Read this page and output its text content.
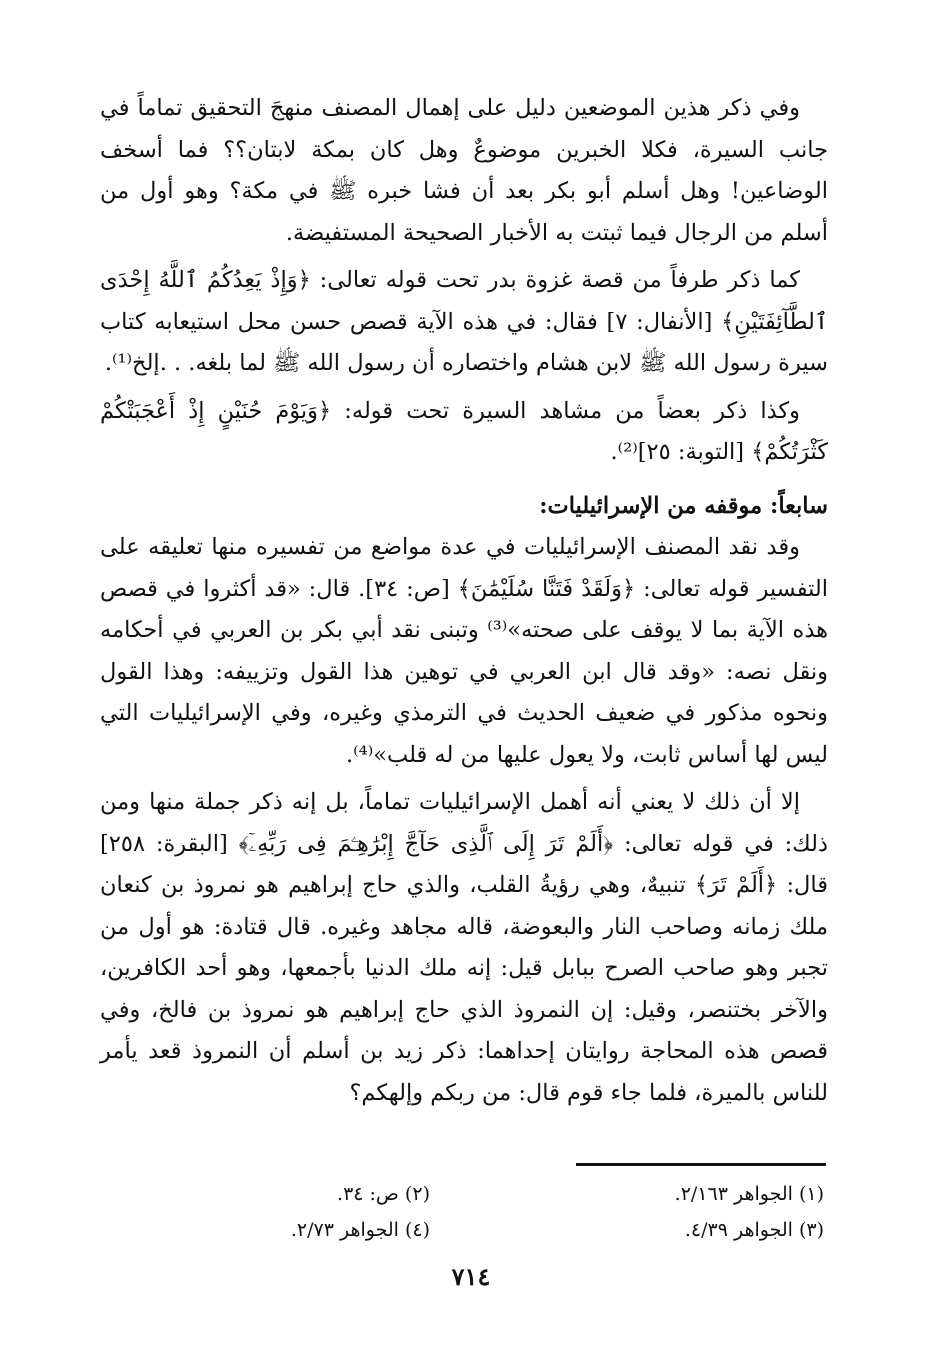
وفي ذكر هذين الموضعين دليل على إهمال المصنف منهجَ التحقيق تماماً في جانب السيرة، فكلا الخبرين موضوعٌ وهل كان بمكة لابتان؟؟ فما أسخف الوضاعين! وهل أسلم أبو بكر بعد أن فشا خبره ﷺ في مكة؟ وهو أول من أسلم من الرجال فيما ثبتت به الأخبار الصحيحة المستفيضة.

كما ذكر طرفاً من قصة غزوة بدر تحت قوله تعالى: ﴿وَإِذْ يَعِدُكُمُ ٱللَّهُ إِحْدَى ٱلطَّآئِفَتَيْنِ﴾ [الأنفال: ٧] فقال: في هذه الآية قصص حسن محل استيعابه كتاب سيرة رسول الله ﷺ لابن هشام واختصاره أن رسول الله ﷺ لما بلغه. . .إلخ⁽¹⁾.

وكذا ذكر بعضاً من مشاهد السيرة تحت قوله: ﴿وَيَوْمَ حُنَيْنٍ إِذْ أَعْجَبَتْكُمْ كَثْرَتُكُمْ﴾ [التوبة: ٢٥]⁽²⁾.

سابعاً: موقفه من الإسرائيليات:

وقد نقد المصنف الإسرائيليات في عدة مواضع من تفسيره منها تعليقه على التفسير قوله تعالى: ﴿وَلَقَدْ فَتَنَّا سُلَيْمَٰنَ﴾ [ص: ٣٤]. قال: «قد أكثروا في قصص هذه الآية بما لا يوقف على صحته»⁽³⁾ وتبنى نقد أبي بكر بن العربي في أحكامه ونقل نصه: «وقد قال ابن العربي في توهين هذا القول وتزييفه: وهذا القول ونحوه مذكور في ضعيف الحديث في الترمذي وغيره، وفي الإسرائيليات التي ليس لها أساس ثابت، ولا يعول عليها من له قلب»⁽⁴⁾.

إلا أن ذلك لا يعني أنه أهمل الإسرائيليات تماماً، بل إنه ذكر جملة منها ومن ذلك: في قوله تعالى: ﴿أَلَمْ تَرَ إِلَى ٱلَّذِى حَآجَّ إِبْرَٰهِـۧمَ فِى رَبِّهِۦٓ﴾ [البقرة: ٢٥٨] قال: ﴿أَلَمْ تَرَ﴾ تنبيهٌ، وهي رؤيةُ القلب، والذي حاج إبراهيم هو نمروذ بن كنعان ملك زمانه وصاحب النار والبعوضة، قاله مجاهد وغيره. قال قتادة: هو أول من تجبر وهو صاحب الصرح ببابل قيل: إنه ملك الدنيا بأجمعها، وهو أحد الكافرين، والآخر بختنصر، وقيل: إن النمروذ الذي حاج إبراهيم هو نمروذ بن فالخ، وفي قصص هذه المحاجة روايتان إحداهما: ذكر زيد بن أسلم أن النمروذ قعد يأمر للناس بالميرة، فلما جاء قوم قال: من ربكم وإلهكم؟

(١) الجواهر ٢/١٦٣.
(٢) ص: ٣٤.
(٣) الجواهر ٤/٣٩.
(٤) الجواهر ٢/٧٣.
٧١٤
